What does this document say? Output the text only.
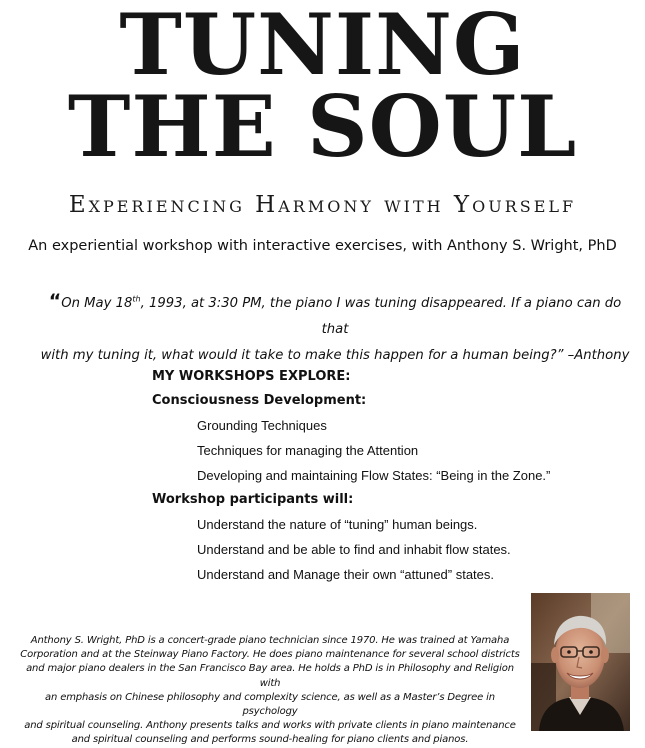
TUNING
THE SOUL
Experiencing Harmony with Yourself
An experiential workshop with interactive exercises, with Anthony S. Wright, PhD
“On May 18th, 1993, at 3:30 PM, the piano I was tuning disappeared. If a piano can do that
with my tuning it, what would it take to make this happen for a human being?” –Anthony
MY WORKSHOPS EXPLORE:
Consciousness Development:
Grounding Techniques
Techniques for managing the Attention
Developing and maintaining Flow States: “Being in the Zone.”
Workshop participants will:
Understand the nature of “tuning” human beings.
Understand and be able to find and inhabit flow states.
Understand and Manage their own “attuned” states.
Anthony S. Wright, PhD is a concert-grade piano technician since 1970. He was trained at Yamaha
Corporation and at the Steinway Piano Factory. He does piano maintenance for several school districts
and major piano dealers in the San Francisco Bay area. He holds a PhD is in Philosophy and Religion with
an emphasis on Chinese philosophy and complexity science, as well as a Master’s Degree in psychology
and spiritual counseling. Anthony presents talks and works with private clients in piano maintenance
and spiritual counseling and performs sound-healing for piano clients and pianos.
